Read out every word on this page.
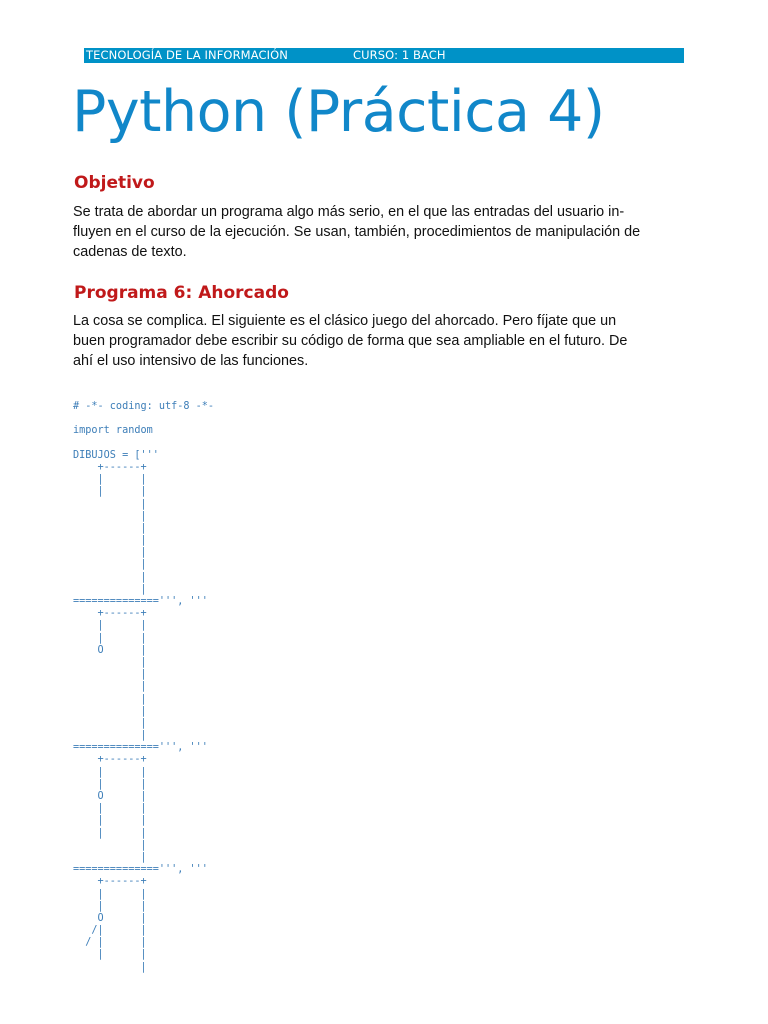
TECNOLOGÍA DE LA INFORMACIÓN	CURSO: 1 BACH
Python (Práctica 4)
Objetivo
Se trata de abordar un programa algo más serio, en el que las entradas del usuario in-
fluyen en el curso de la ejecución. Se usan, también, procedimientos de manipulación de
cadenas de texto.
Programa 6: Ahorcado
La cosa se complica. El siguiente es el clásico juego del ahorcado. Pero fíjate que un
buen programador debe escribir su código de forma que sea ampliable en el futuro. De
ahí el uso intensivo de las funciones.
# -*- coding: utf-8 -*-
import random
DIBUJOS = ['''
+------+
|      |
|      |
|
|
|
|
|
|
|
|
==============''', '''
+------+
|      |
|      |
O      |
|
|
|
|
|
|
|
==============''', '''
+------+
|      |
|      |
O      |
|      |
|      |
|      |
|
|
==============''', '''
+------+
|      |
|      |
O      |
/|      |
/ |      |
|      |
|
